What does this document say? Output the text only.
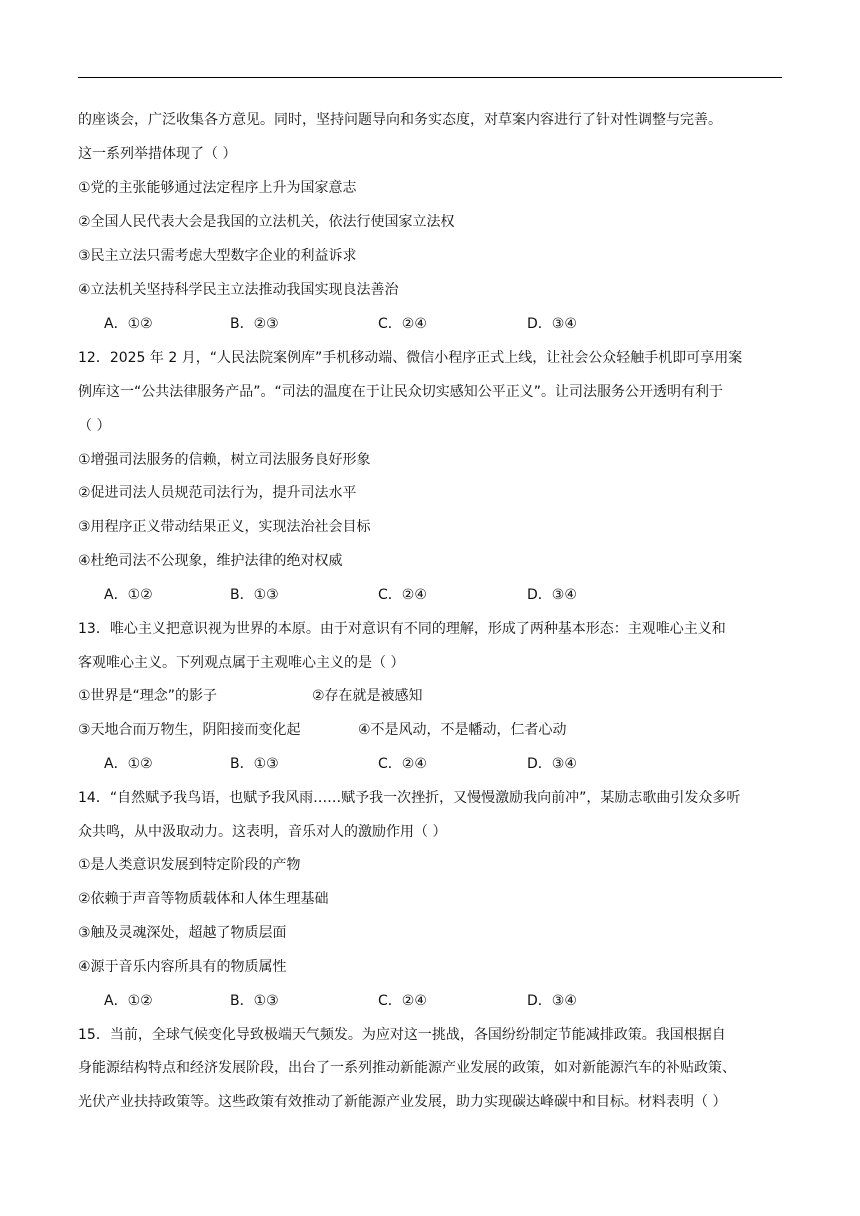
的座谈会，广泛收集各方意见。同时，坚持问题导向和务实态度，对草案内容进行了针对性调整与完善。
这一系列举措体现了（ ）
①党的主张能够通过法定程序上升为国家意志
②全国人民代表大会是我国的立法机关，依法行使国家立法权
③民主立法只需考虑大型数字企业的利益诉求
④立法机关坚持科学民主立法推动我国实现良法善治
A．①②	B．②③	C．②④	D．③④
12．2025 年 2 月，“人民法院案例库”手机移动端、微信小程序正式上线，让社会公众轻触手机即可享用案
例库这一“公共法律服务产品”。“司法的温度在于让民众切实感知公平正义”。让司法服务公开透明有利于
（ ）
①增强司法服务的信赖，树立司法服务良好形象
②促进司法人员规范司法行为，提升司法水平
③用程序正义带动结果正义，实现法治社会目标
④杜绝司法不公现象，维护法律的绝对权威
A．①②	B．①③	C．②④	D．③④
13．唯心主义把意识视为世界的本原。由于对意识有不同的理解，形成了两种基本形态：主观唯心主义和
客观唯心主义。下列观点属于主观唯心主义的是（ ）
①世界是“理念”的影子	②存在就是被感知
③天地合而万物生，阴阳接而变化起	④不是风动，不是幡动，仁者心动
A．①②	B．①③	C．②④	D．③④
14．“自然赋予我鸟语，也赋予我风雨……赋予我一次挫折，又慢慢激励我向前冲”，某励志歌曲引发众多听
众共鸣，从中汲取动力。这表明，音乐对人的激励作用（ ）
①是人类意识发展到特定阶段的产物
②依赖于声音等物质载体和人体生理基础
③触及灵魂深处，超越了物质层面
④源于音乐内容所具有的物质属性
A．①②	B．①③	C．②④	D．③④
15．当前，全球气候变化导致极端天气频发。为应对这一挑战，各国纷纷制定节能减排政策。我国根据自
身能源结构特点和经济发展阶段，出台了一系列推动新能源产业发展的政策，如对新能源汽车的补贴政策、
光伏产业扶持政策等。这些政策有效推动了新能源产业发展，助力实现碳达峰碳中和目标。材料表明（ ）
